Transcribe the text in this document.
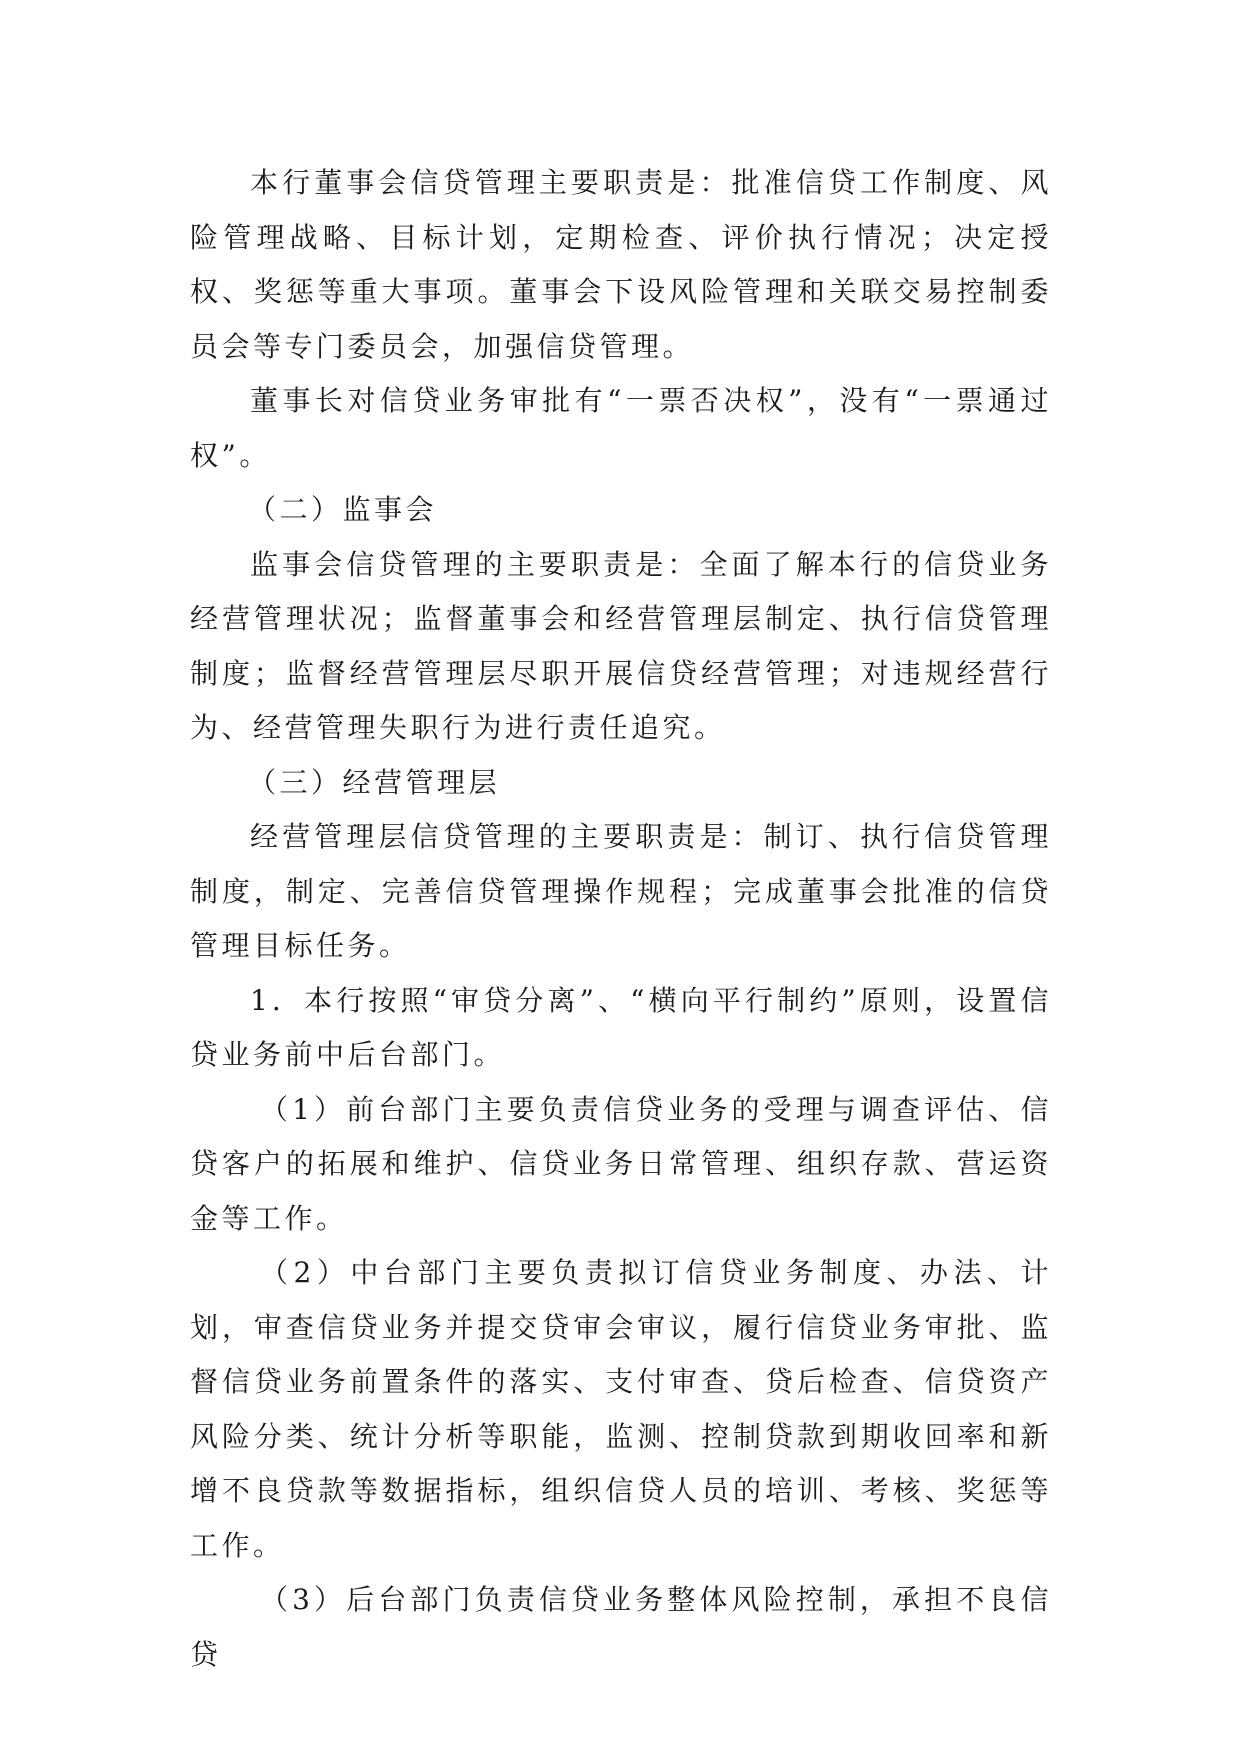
本行董事会信贷管理主要职责是：批准信贷工作制度、风险管理战略、目标计划，定期检查、评价执行情况；决定授权、奖惩等重大事项。董事会下设风险管理和关联交易控制委员会等专门委员会，加强信贷管理。

董事长对信贷业务审批有“一票否决权”，没有“一票通过权”。

（二）监事会

监事会信贷管理的主要职责是：全面了解本行的信贷业务经营管理状况；监督董事会和经营管理层制定、执行信贷管理制度；监督经营管理层尽职开展信贷经营管理；对违规经营行为、经营管理失职行为进行责任追究。

（三）经营管理层

经营管理层信贷管理的主要职责是：制订、执行信贷管理制度，制定、完善信贷管理操作规程；完成董事会批准的信贷管理目标任务。

1．本行按照“审贷分离”、“横向平行制约”原则，设置信贷业务前中后台部门。

（1）前台部门主要负责信贷业务的受理与调查评估、信贷客户的拓展和维护、信贷业务日常管理、组织存款、营运资金等工作。

（2）中台部门主要负责拟订信贷业务制度、办法、计划，审查信贷业务并提交贷审会审议，履行信贷业务审批、监督信贷业务前置条件的落实、支付审查、贷后检查、信贷资产风险分类、统计分析等职能，监测、控制贷款到期收回率和新增不良贷款等数据指标，组织信贷人员的培训、考核、奖惩等工作。

（3）后台部门负责信贷业务整体风险控制，承担不良信贷
